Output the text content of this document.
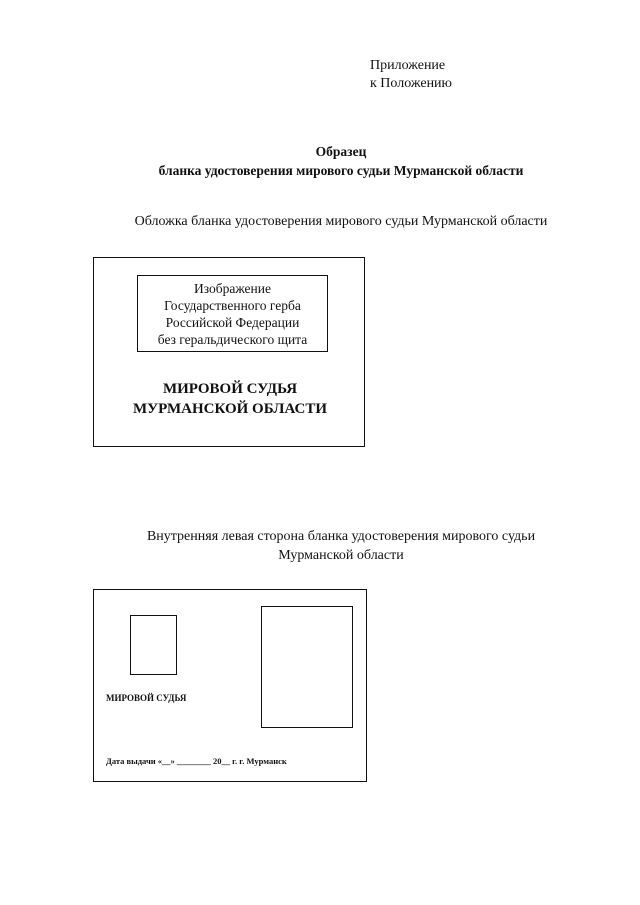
Приложение
к Положению
Образец
бланка удостоверения мирового судьи Мурманской области
Обложка бланка удостоверения мирового судьи Мурманской области
Изображение
Государственного герба
Российской Федерации
без геральдического щита
МИРОВОЙ СУДЬЯ
МУРМАНСКОЙ ОБЛАСТИ
Внутренняя левая сторона бланка удостоверения мирового судьи
Мурманской области
МИРОВОЙ СУДЬЯ
Дата выдачи «__» ________ 20__ г. г. Мурманск
